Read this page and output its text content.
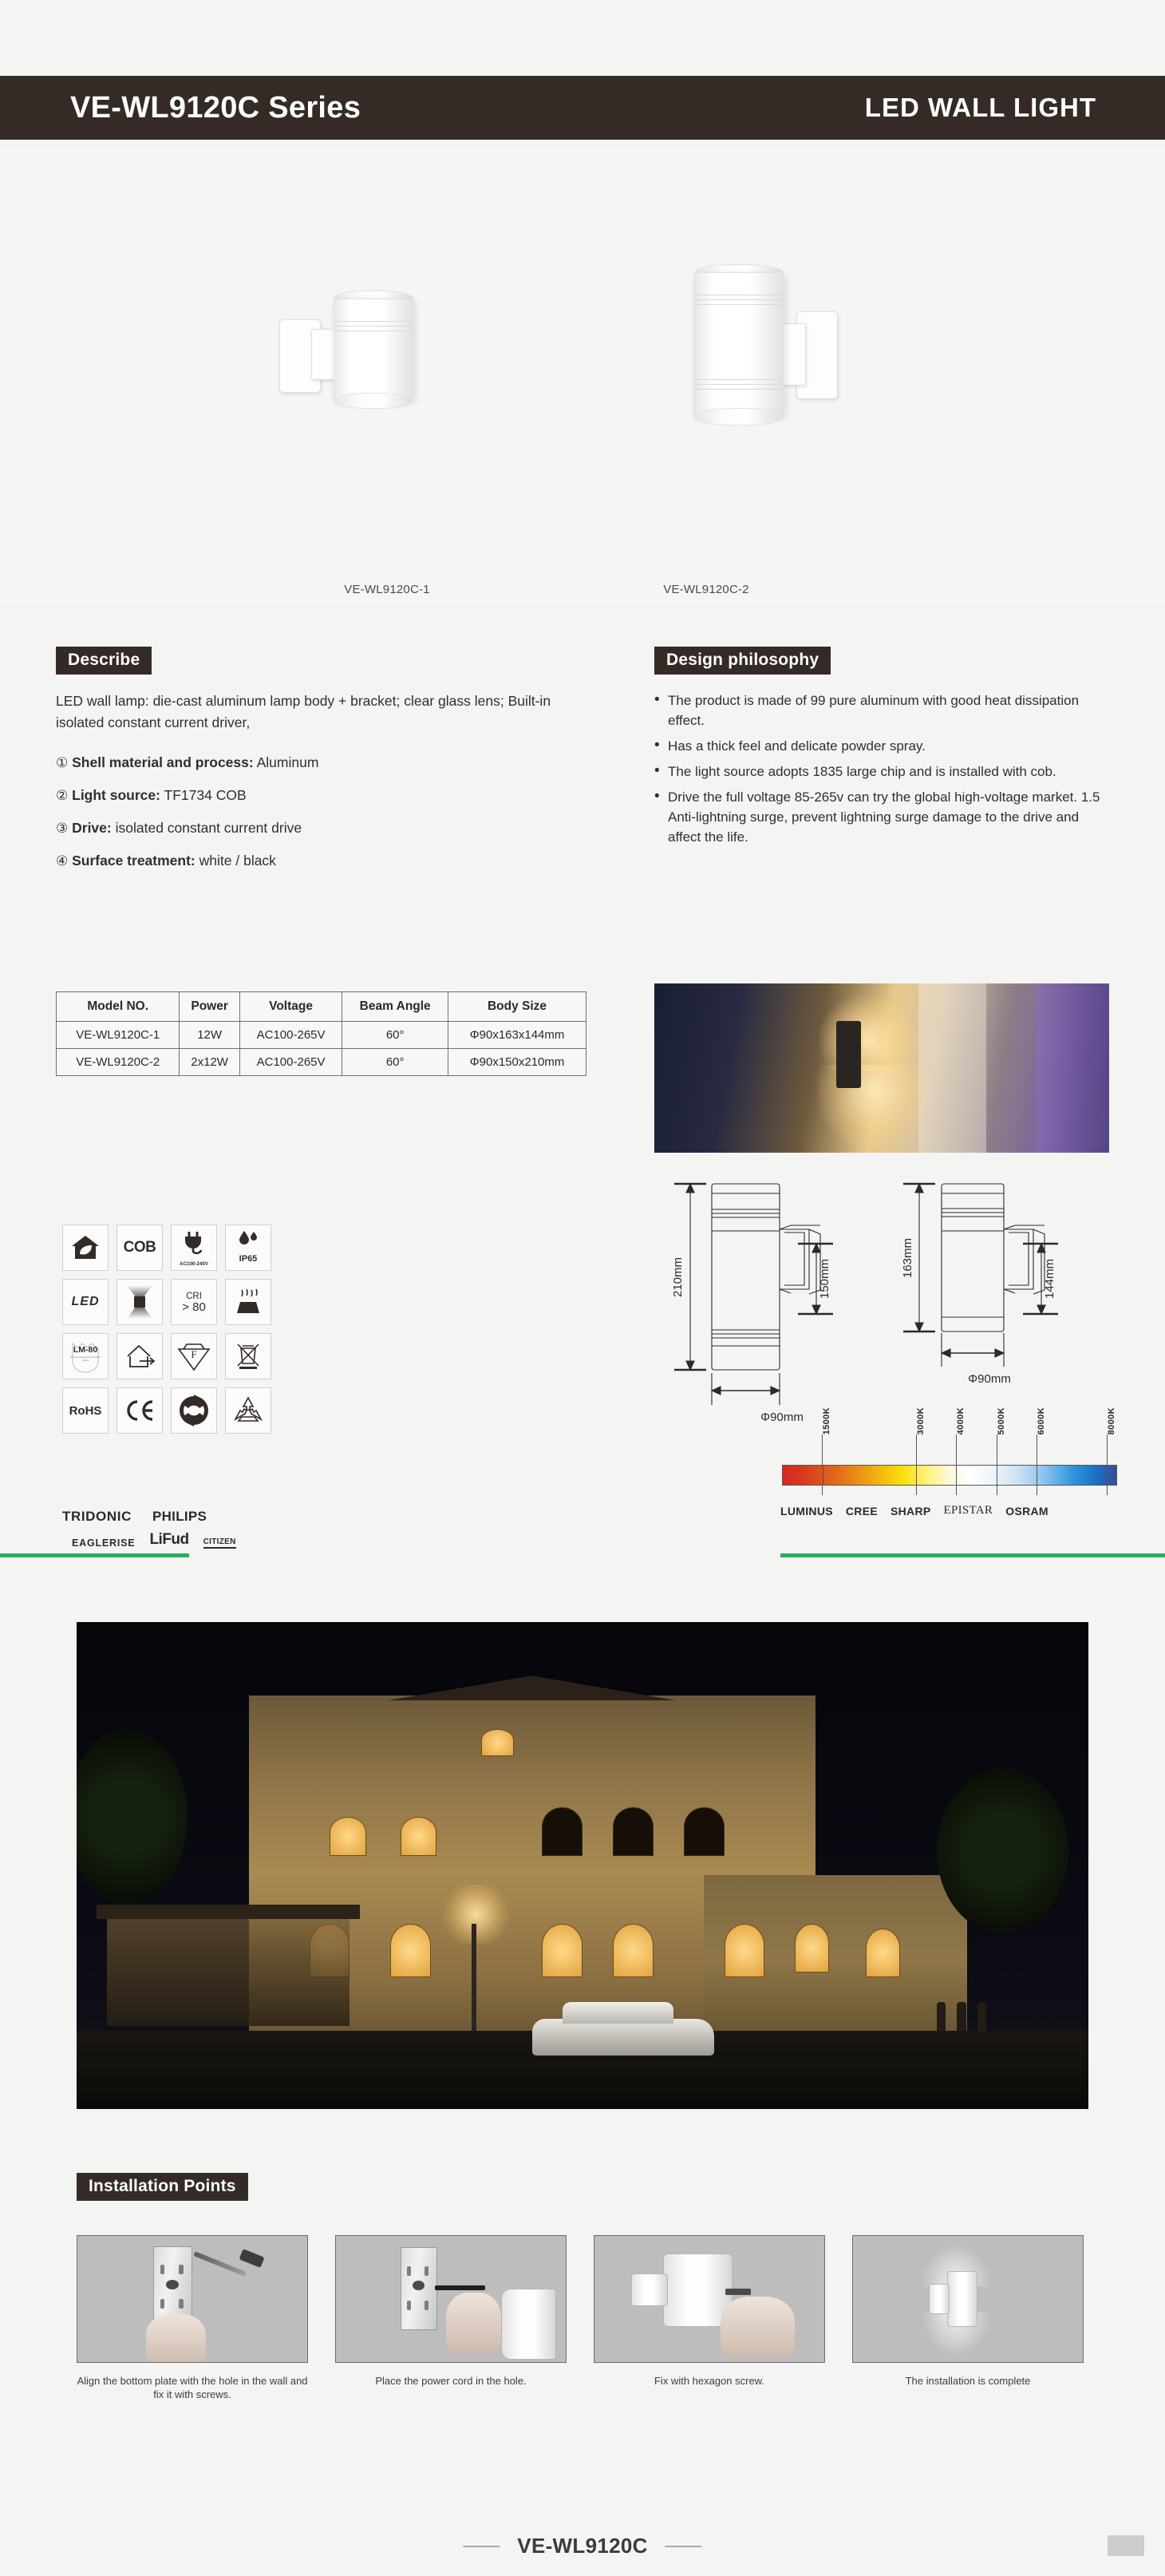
VE-WL9120C Series	LED WALL LIGHT
VE-WL9120C-1	VE-WL9120C-2
Describe
LED wall lamp: die-cast aluminum lamp body + bracket; clear glass lens; Built-in isolated constant current driver,
① Shell material and process: Aluminum
② Light source: TF1734 COB
③ Drive: isolated constant current drive
④ Surface treatment: white / black
Design philosophy
• The product is made of 99 pure aluminum with good heat dissipation effect.
• Has a thick feel and delicate powder spray.
• The light source adopts 1835 large chip and is installed with cob.
• Drive the full voltage 85-265v can try the global high-voltage market. 1.5 Anti-lightning surge, prevent lightning surge damage to the drive and affect the life.
Model NO.	Power	Voltage	Beam Angle	Body Size
VE-WL9120C-1	12W	AC100-265V	60°	Φ90x163x144mm
VE-WL9120C-2	2x12W	AC100-265V	60°	Φ90x150x210mm
COB
AC100-240V
IP65
LED	CRI
> 80
LM-80
Test the maintenance rate of light source
F
RoHS
TRIDONIC PHILIPS
EAGLERISE LiFud CITIZEN
210mm	150mm
Φ90mm
163mm
144mm
Φ90mm
1500K	3000K	4000K	5000K	6000K	8000K
LUMINUS CREE SHARP EPISTAR OSRAM
Installation Points
Align the bottom plate with the hole in the wall and fix it with screws.
Place the power cord in the hole.	Fix with hexagon screw.	The installation is complete
VE-WL9120C
